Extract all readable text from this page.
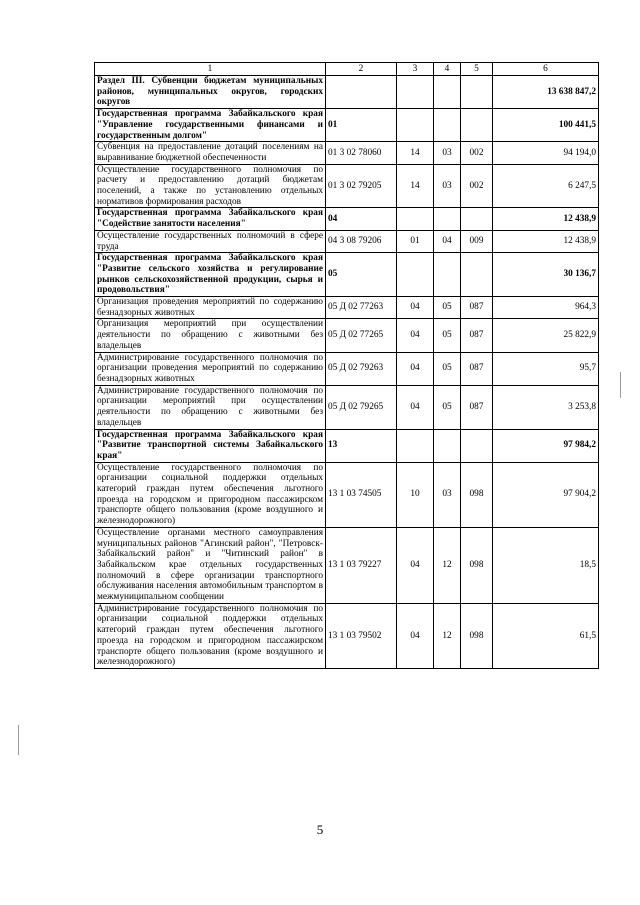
1	2	3	4	5	6
Раздел III. Субвенции бюджетам муниципальных районов, муниципальных округов, городских округов					13 638 847,2
Государственная программа Забайкальского края "Управление государственными финансами и государственным долгом"	01				100 441,5
Субвенция на предоставление дотаций поселениям на выравнивание бюджетной обеспеченности	01 3 02 78060	14	03	002	94 194,0
Осуществление государственного полномочия по расчету и предоставлению дотаций бюджетам поселений, а также по установлению отдельных нормативов формирования расходов	01 3 02 79205	14	03	002	6 247,5
Государственная программа Забайкальского края "Содействие занятости населения"	04				12 438,9
Осуществление государственных полномочий в сфере труда	04 3 08 79206	01	04	009	12 438,9
Государственная программа Забайкальского края "Развитие сельского хозяйства и регулирование рынков сельскохозяйственной продукции, сырья и продовольствия"	05				30 136,7
Организация проведения мероприятий по содержанию безнадзорных животных	05 Д 02 77263	04	05	087	964,3
Организация мероприятий при осуществлении деятельности по обращению с животными без владельцев	05 Д 02 77265	04	05	087	25 822,9
Администрирование государственного полномочия по организации проведения мероприятий по содержанию безнадзорных животных	05 Д 02 79263	04	05	087	95,7
Администрирование государственного полномочия по организации мероприятий при осуществлении деятельности по обращению с животными без владельцев	05 Д 02 79265	04	05	087	3 253,8
Государственная программа Забайкальского края "Развитие транспортной системы Забайкальского края"	13				97 984,2
Осуществление государственного полномочия по организации социальной поддержки отдельных категорий граждан путем обеспечения льготного проезда на городском и пригородном пассажирском транспорте общего пользования (кроме воздушного и железнодорожного)	13 1 03 74505	10	03	098	97 904,2
Осуществление органами местного самоуправления муниципальных районов "Агинский район", "Петровск-Забайкальский район" и "Читинский район" в Забайкальском крае отдельных государственных полномочий в сфере организации транспортного обслуживания населения автомобильным транспортом в межмуниципальном сообщении	13 1 03 79227	04	12	098	18,5
Администрирование государственного полномочия по организации социальной поддержки отдельных категорий граждан путем обеспечения льготного проезда на городском и пригородном пассажирском транспорте общего пользования (кроме воздушного и железнодорожного)	13 1 03 79502	04	12	098	61,5
5
